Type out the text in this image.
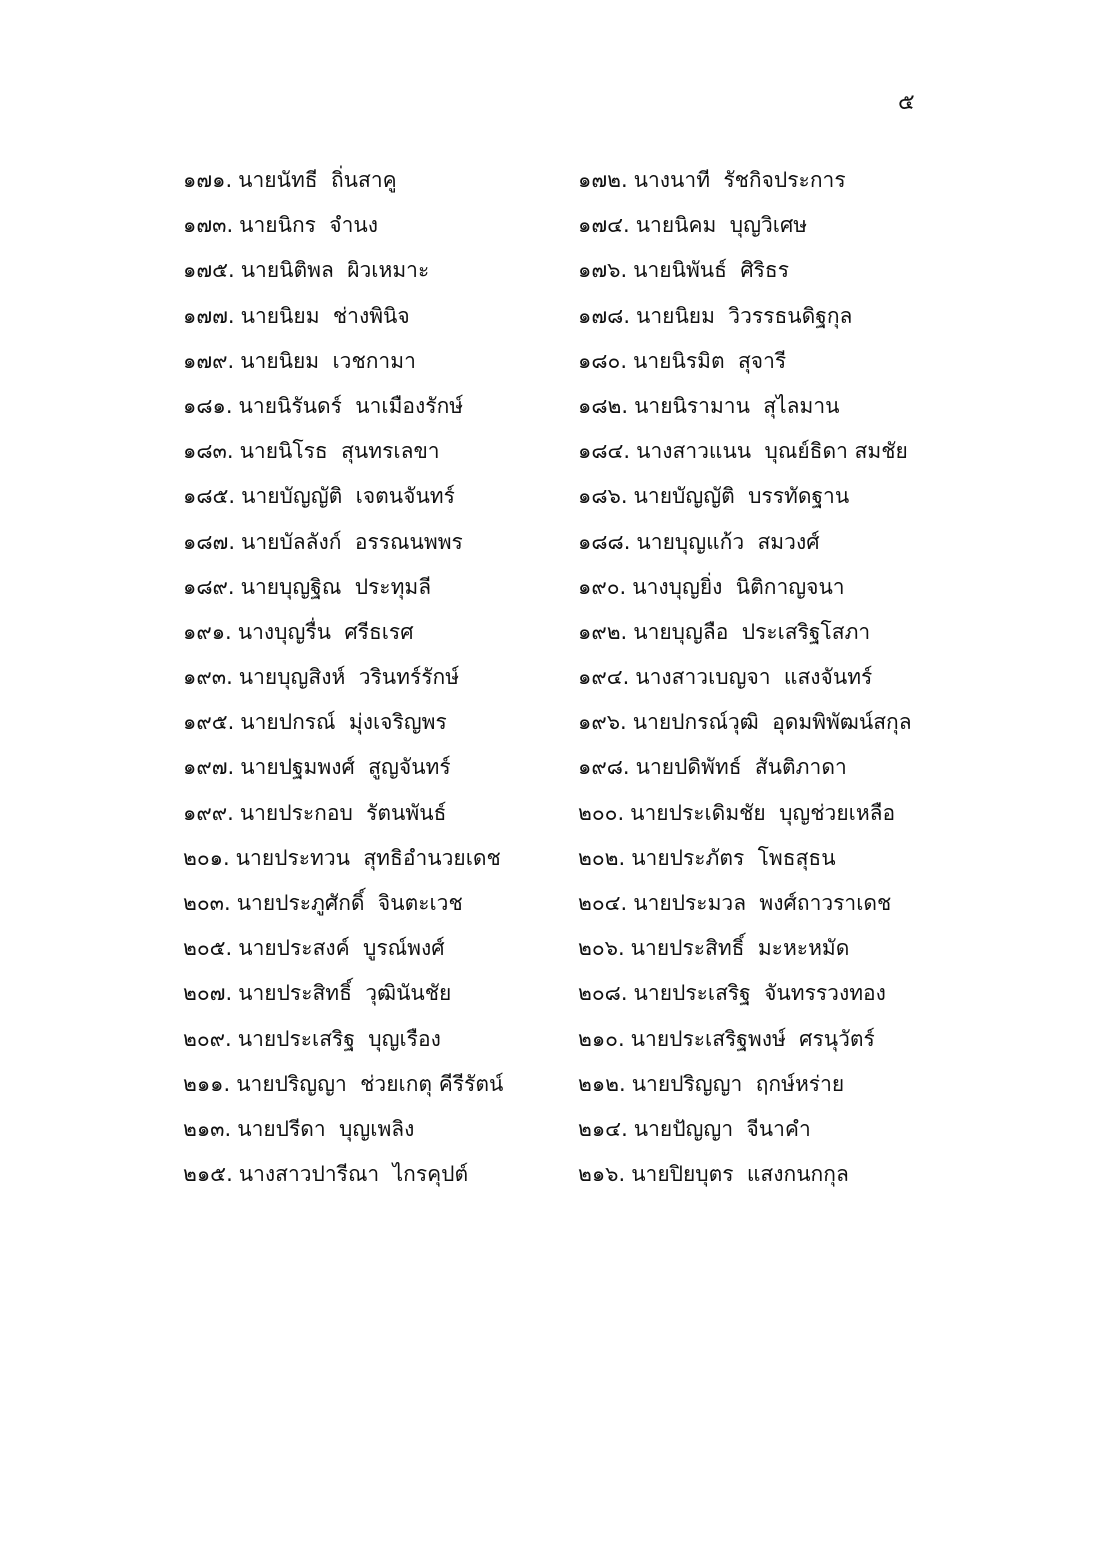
๕
๑๗๑. นายนัทธี  ถิ่นสาคู
๑๗๓. นายนิกร  จำนง
๑๗๕. นายนิติพล  ผิวเหมาะ
๑๗๗. นายนิยม  ช่างพินิจ
๑๗๙. นายนิยม  เวชกามา
๑๘๑. นายนิรันดร์  นาเมืองรักษ์
๑๘๓. นายนิโรธ  สุนทรเลขา
๑๘๕. นายบัญญัติ  เจตนจันทร์
๑๘๗. นายบัลลังก์  อรรณนพพร
๑๘๙. นายบุญฐิณ  ประทุมลี
๑๙๑. นางบุญรื่น  ศรีธเรศ
๑๙๓. นายบุญสิงห์  วรินทร์รักษ์
๑๙๕. นายปกรณ์  มุ่งเจริญพร
๑๙๗. นายปฐมพงศ์  สูญจันทร์
๑๙๙. นายประกอบ  รัตนพันธ์
๒๐๑. นายประทวน  สุทธิอำนวยเดช
๒๐๓. นายประภูศักดิ์  จินตะเวช
๒๐๕. นายประสงค์  บูรณ์พงศ์
๒๐๗. นายประสิทธิ์  วุฒินันชัย
๒๐๙. นายประเสริฐ  บุญเรือง
๒๑๑. นายปริญญา  ช่วยเกตุ คีรีรัตน์
๒๑๓. นายปรีดา  บุญเพลิง
๒๑๕. นางสาวปารีณา  ไกรคุปต์
๑๗๒. นางนาที  รัชกิจประการ
๑๗๔. นายนิคม  บุญวิเศษ
๑๗๖. นายนิพันธ์  ศิริธร
๑๗๘. นายนิยม  วิวรรธนดิฐกุล
๑๘๐. นายนิรมิต  สุจารี
๑๘๒. นายนิรามาน  สุไลมาน
๑๘๔. นางสาวแนน  บุณย์ธิดา สมชัย
๑๘๖. นายบัญญัติ  บรรทัดฐาน
๑๘๘. นายบุญแก้ว  สมวงศ์
๑๙๐. นางบุญยิ่ง  นิติกาญจนา
๑๙๒. นายบุญลือ  ประเสริฐโสภา
๑๙๔. นางสาวเบญจา  แสงจันทร์
๑๙๖. นายปกรณ์วุฒิ  อุดมพิพัฒน์สกุล
๑๙๘. นายปดิพัทธ์  สันติภาดา
๒๐๐. นายประเดิมชัย  บุญช่วยเหลือ
๒๐๒. นายประภัตร  โพธสุธน
๒๐๔. นายประมวล  พงศ์ถาวราเดช
๒๐๖. นายประสิทธิ์  มะหะหมัด
๒๐๘. นายประเสริฐ  จันทรรวงทอง
๒๑๐. นายประเสริฐพงษ์  ศรนุวัตร์
๒๑๒. นายปริญญา  ฤกษ์หร่าย
๒๑๔. นายปัญญา  จีนาคำ
๒๑๖. นายปิยบุตร  แสงกนกกุล
